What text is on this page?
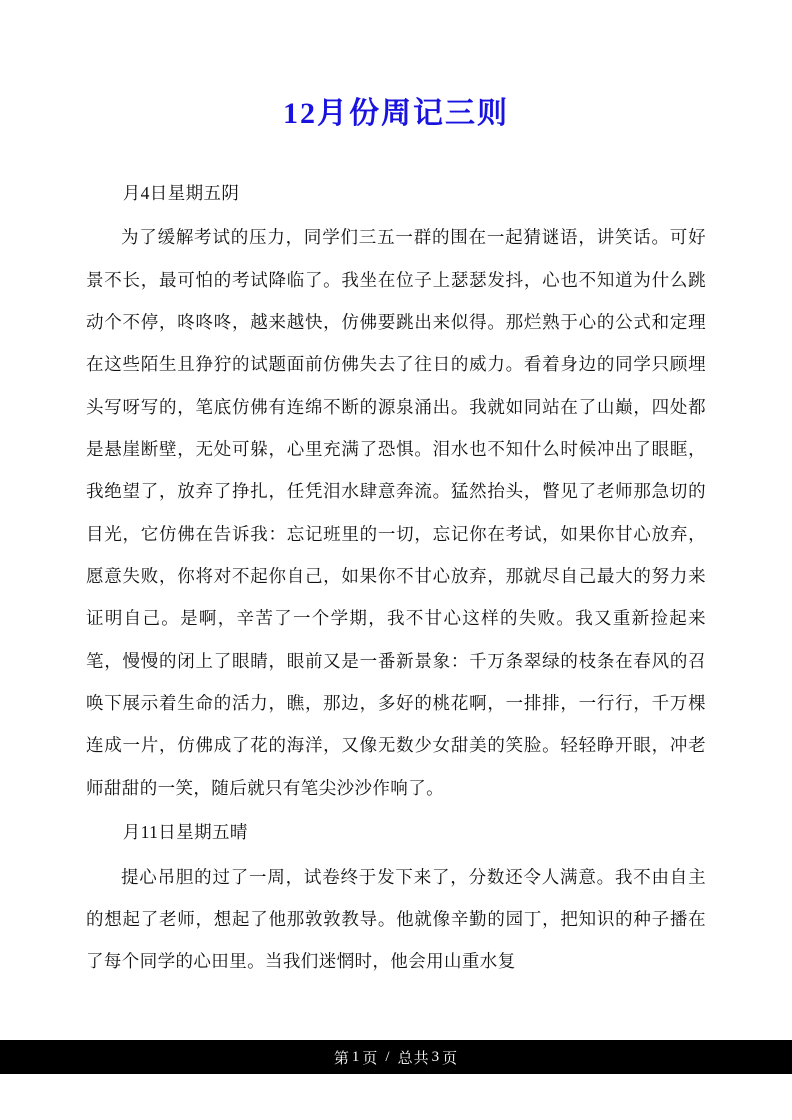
12月份周记三则

月4日星期五阴

为了缓解考试的压力，同学们三五一群的围在一起猜谜语，讲笑话。可好景不长，最可怕的考试降临了。我坐在位子上瑟瑟发抖，心也不知道为什么跳动个不停，咚咚咚，越来越快，仿佛要跳出来似得。那烂熟于心的公式和定理在这些陌生且狰狞的试题面前仿佛失去了往日的威力。看着身边的同学只顾埋头写呀写的，笔底仿佛有连绵不断的源泉涌出。我就如同站在了山巅，四处都是悬崖断壁，无处可躲，心里充满了恐惧。泪水也不知什么时候冲出了眼眶，我绝望了，放弃了挣扎，任凭泪水肆意奔流。猛然抬头，瞥见了老师那急切的目光，它仿佛在告诉我：忘记班里的一切，忘记你在考试，如果你甘心放弃，愿意失败，你将对不起你自己，如果你不甘心放弃，那就尽自己最大的努力来证明自己。是啊，辛苦了一个学期，我不甘心这样的失败。我又重新捡起来笔，慢慢的闭上了眼睛，眼前又是一番新景象：千万条翠绿的枝条在春风的召唤下展示着生命的活力，瞧，那边，多好的桃花啊，一排排，一行行，千万棵连成一片，仿佛成了花的海洋，又像无数少女甜美的笑脸。轻轻睁开眼，冲老师甜甜的一笑，随后就只有笔尖沙沙作响了。

月11日星期五晴

提心吊胆的过了一周，试卷终于发下来了，分数还令人满意。我不由自主的想起了老师，想起了他那敦敦教导。他就像辛勤的园丁，把知识的种子播在了每个同学的心田里。当我们迷惘时，他会用山重水复

第 1 页 / 总共 3 页
